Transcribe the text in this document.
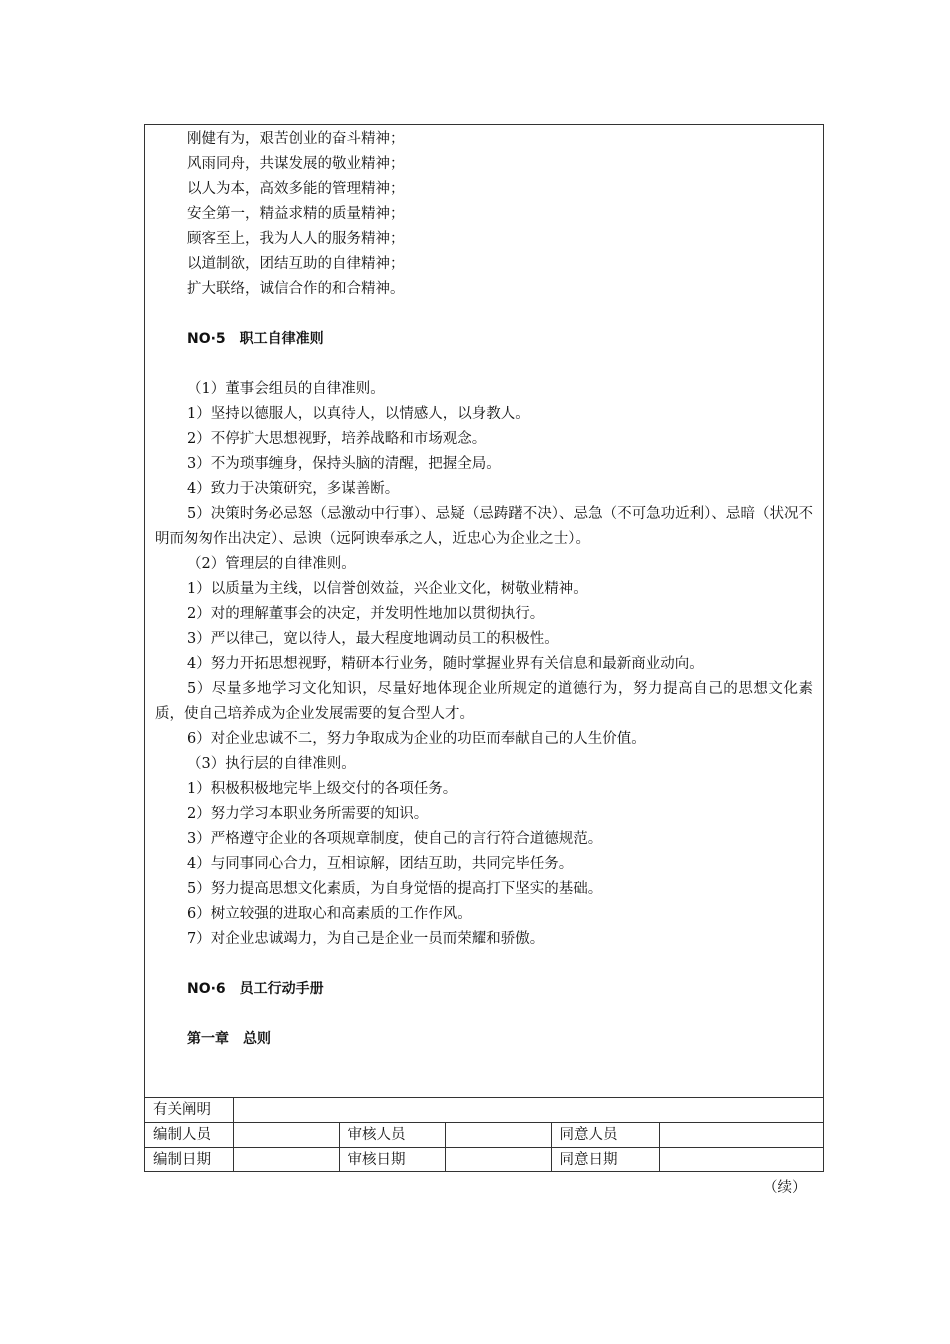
刚健有为，艰苦创业的奋斗精神；
风雨同舟，共谋发展的敬业精神；
以人为本，高效多能的管理精神；
安全第一，精益求精的质量精神；
顾客至上，我为人人的服务精神；
以道制欲，团结互助的自律精神；
扩大联络，诚信合作的和合精神。
NO·5　职工自律准则
（1）董事会组员的自律准则。
1）坚持以德服人，以真待人，以情感人，以身教人。
2）不停扩大思想视野，培养战略和市场观念。
3）不为琐事缠身，保持头脑的清醒，把握全局。
4）致力于决策研究，多谋善断。
5）决策时务必忌怒（忌激动中行事）、忌疑（忌踌躇不决）、忌急（不可急功近利）、忌暗（状况不明而匆匆作出决定）、忌谀（远阿谀奉承之人，近忠心为企业之士）。
（2）管理层的自律准则。
1）以质量为主线，以信誉创效益，兴企业文化，树敬业精神。
2）对的理解董事会的决定，并发明性地加以贯彻执行。
3）严以律己，宽以待人，最大程度地调动员工的积极性。
4）努力开拓思想视野，精研本行业务，随时掌握业界有关信息和最新商业动向。
5）尽量多地学习文化知识，尽量好地体现企业所规定的道德行为，努力提高自己的思想文化素质，使自己培养成为企业发展需要的复合型人才。
6）对企业忠诚不二，努力争取成为企业的功臣而奉献自己的人生价值。
（3）执行层的自律准则。
1）积极积极地完毕上级交付的各项任务。
2）努力学习本职业务所需要的知识。
3）严格遵守企业的各项规章制度，使自己的言行符合道德规范。
4）与同事同心合力，互相谅解，团结互助，共同完毕任务。
5）努力提高思想文化素质，为自身觉悟的提高打下坚实的基础。
6）树立较强的进取心和高素质的工作作风。
7）对企业忠诚竭力，为自己是企业一员而荣耀和骄傲。
NO·6　员工行动手册
第一章　总则
有关阐明					
编制人员		审核人员		同意人员	
编制日期		审核日期		同意日期	
（续）
